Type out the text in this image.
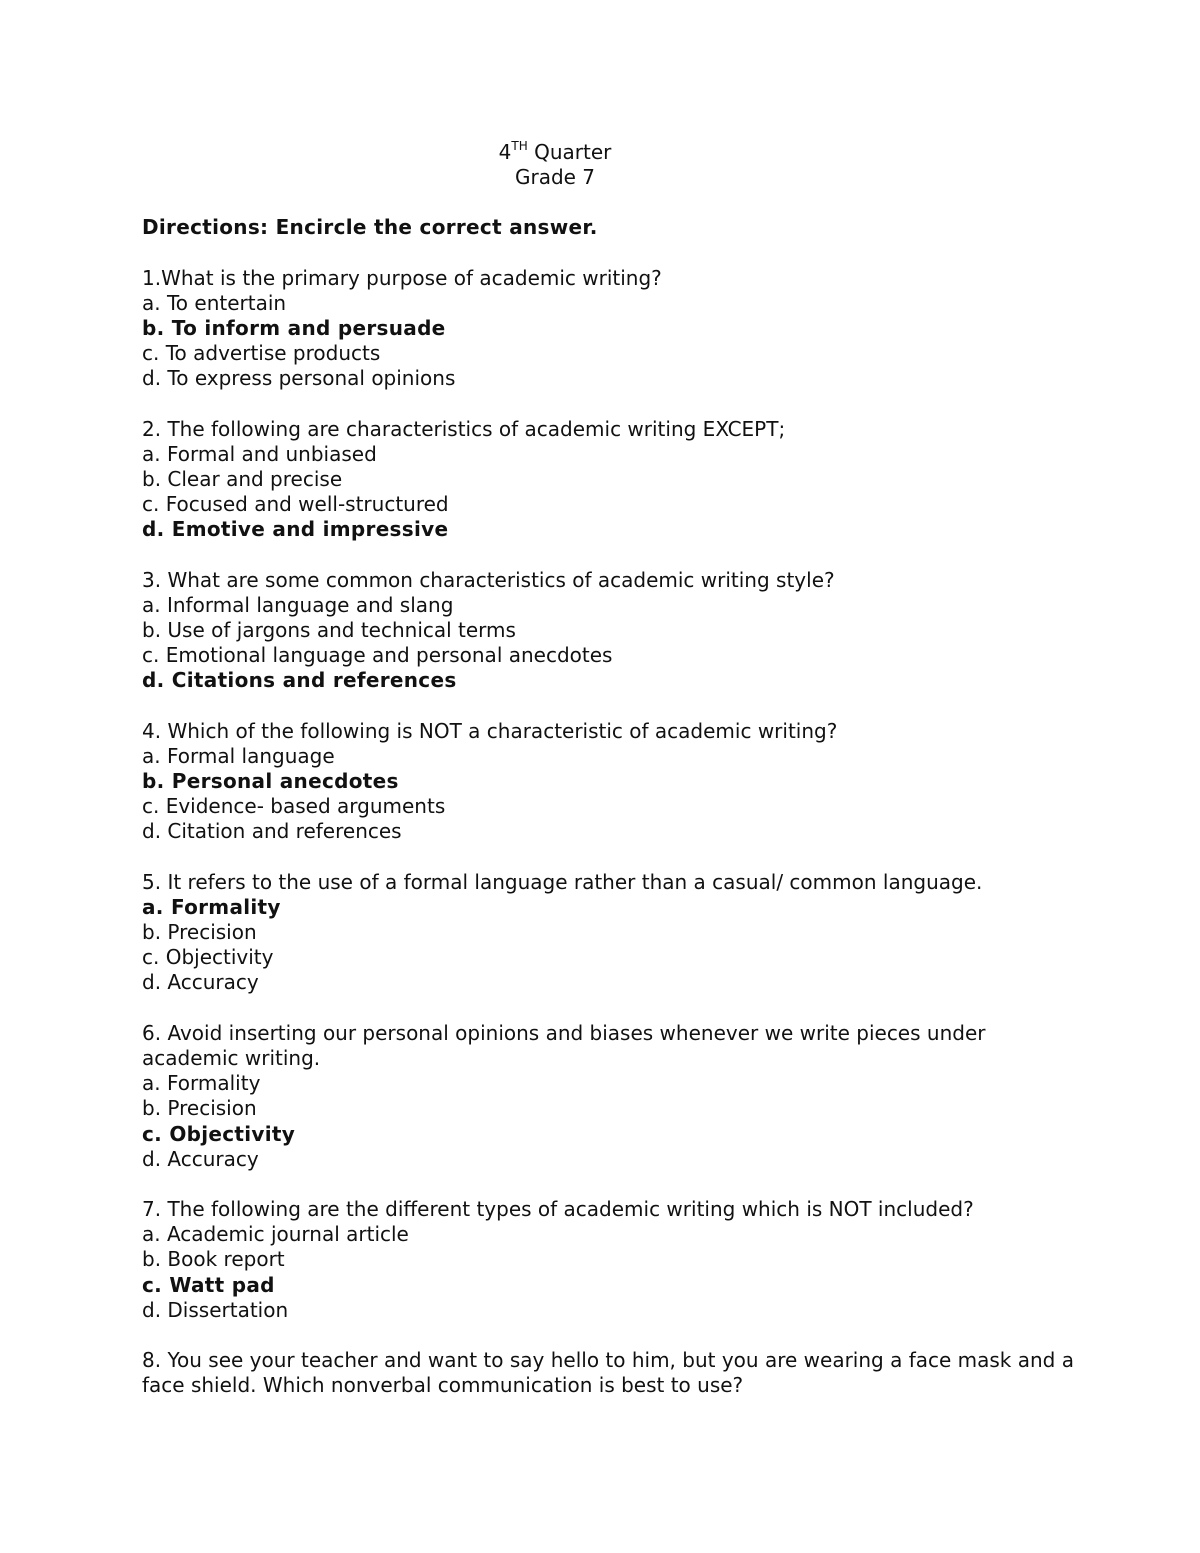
4TH Quarter
Grade 7
Directions: Encircle the correct answer.
1.What is the primary purpose of academic writing?
a. To entertain
b. To inform and persuade
c. To advertise products
d. To express personal opinions
2. The following are characteristics of academic writing EXCEPT;
a. Formal and unbiased
b. Clear and precise
c. Focused and well-structured
d. Emotive and impressive
3. What are some common characteristics of academic writing style?
a. Informal language and slang
b. Use of jargons and technical terms
c. Emotional language and personal anecdotes
d. Citations and references
4. Which of the following is NOT a characteristic of academic writing?
a. Formal language
b. Personal anecdotes
c. Evidence- based arguments
d. Citation and references
5. It refers to the use of a formal language rather than a casual/ common language.
a. Formality
b. Precision
c. Objectivity
d. Accuracy
6. Avoid inserting our personal opinions and biases whenever we write pieces under academic writing.
a. Formality
b. Precision
c. Objectivity
d. Accuracy
7. The following are the different types of academic writing which is NOT included?
a. Academic journal article
b. Book report
c. Watt pad
d. Dissertation
8. You see your teacher and want to say hello to him, but you are wearing a face mask and a face shield. Which nonverbal communication is best to use?
